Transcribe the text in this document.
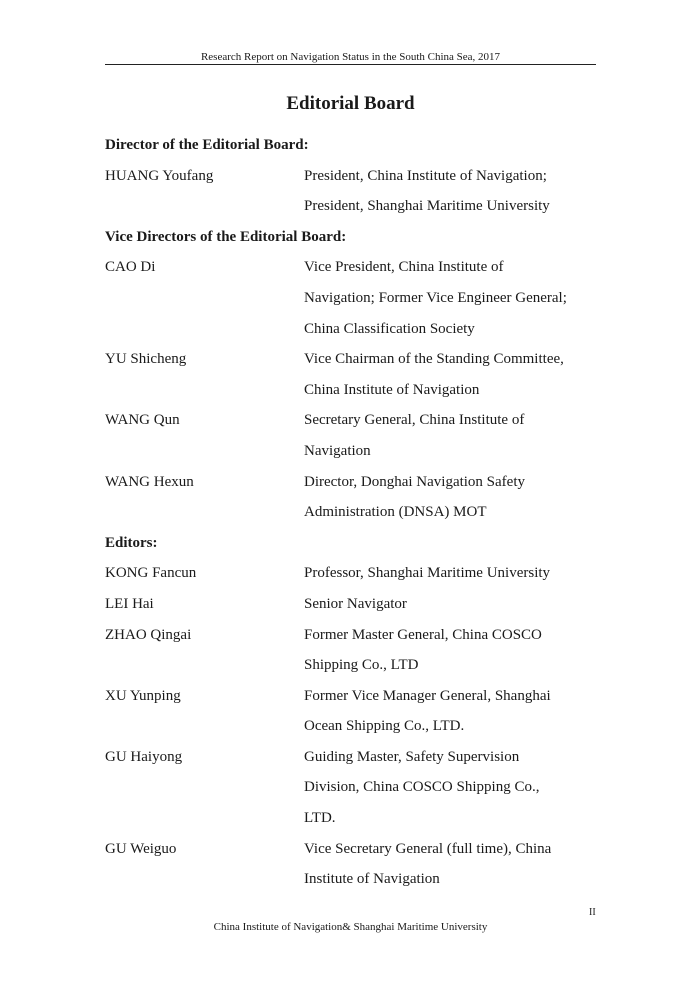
Research Report on Navigation Status in the South China Sea, 2017
Editorial Board
Director of the Editorial Board:
HUANG Youfang	President, China Institute of Navigation;
President, Shanghai Maritime University
Vice Directors of the Editorial Board:
CAO Di	Vice President, China Institute of
Navigation; Former Vice Engineer General;
China Classification Society
YU Shicheng	Vice Chairman of the Standing Committee,
China Institute of Navigation
WANG Qun	Secretary General, China Institute of
Navigation
WANG Hexun	Director, Donghai Navigation Safety
Administration (DNSA) MOT
Editors:
KONG Fancun	Professor, Shanghai Maritime University
LEI Hai	Senior Navigator
ZHAO Qingai	Former Master General, China COSCO
Shipping Co., LTD
XU Yunping	Former Vice Manager General, Shanghai
Ocean Shipping Co., LTD.
GU Haiyong	Guiding Master, Safety Supervision
Division, China COSCO Shipping Co.,
LTD.
GU Weiguo	Vice Secretary General (full time), China
Institute of Navigation
II
China Institute of Navigation& Shanghai Maritime University
